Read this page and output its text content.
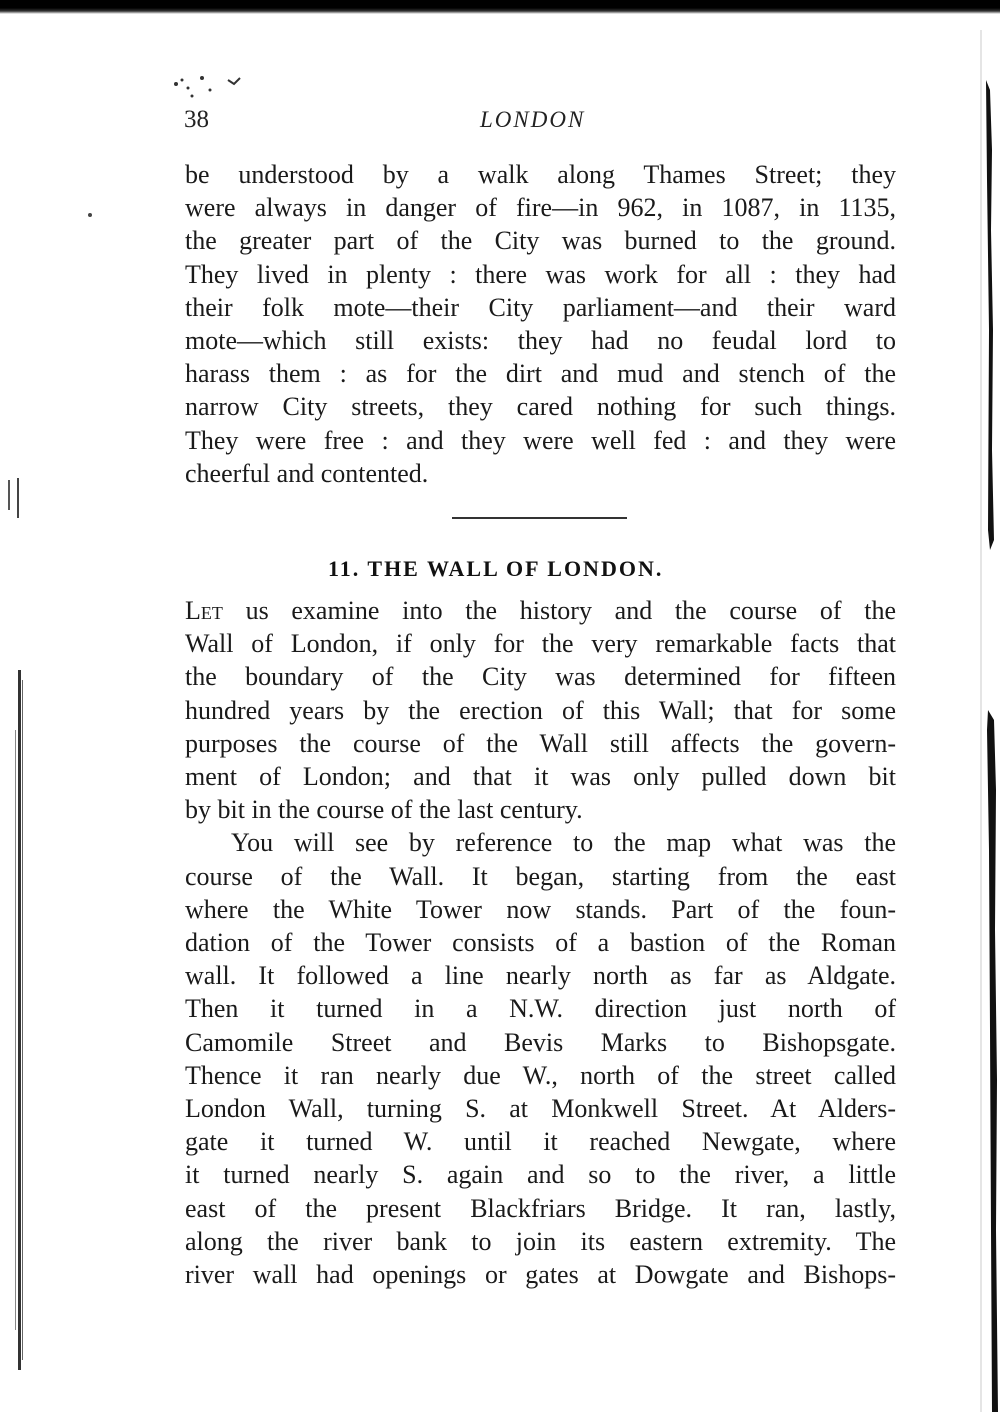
38	LONDON
be understood by a walk along Thames Street; they
were always in danger of fire—in 962, in 1087, in 1135,
the greater part of the City was burned to the ground.
They lived in plenty : there was work for all : they had
their folk mote—their City parliament—and their ward
mote—which still exists: they had no feudal lord to
harass them : as for the dirt and mud and stench of the
narrow City streets, they cared nothing for such things.
They were free : and they were well fed : and they were
cheerful and contented.
11. THE WALL OF LONDON.
Let us examine into the history and the course of the
Wall of London, if only for the very remarkable facts that
the boundary of the City was determined for fifteen
hundred years by the erection of this Wall; that for some
purposes the course of the Wall still affects the govern-
ment of London; and that it was only pulled down bit
by bit in the course of the last century.
You will see by reference to the map what was the
course of the Wall. It began, starting from the east
where the White Tower now stands. Part of the foun-
dation of the Tower consists of a bastion of the Roman
wall. It followed a line nearly north as far as Aldgate.
Then it turned in a N.W. direction just north of
Camomile Street and Bevis Marks to Bishopsgate.
Thence it ran nearly due W., north of the street called
London Wall, turning S. at Monkwell Street. At Alders-
gate it turned W. until it reached Newgate, where
it turned nearly S. again and so to the river, a little
east of the present Blackfriars Bridge. It ran, lastly,
along the river bank to join its eastern extremity. The
river wall had openings or gates at Dowgate and Bishops-
